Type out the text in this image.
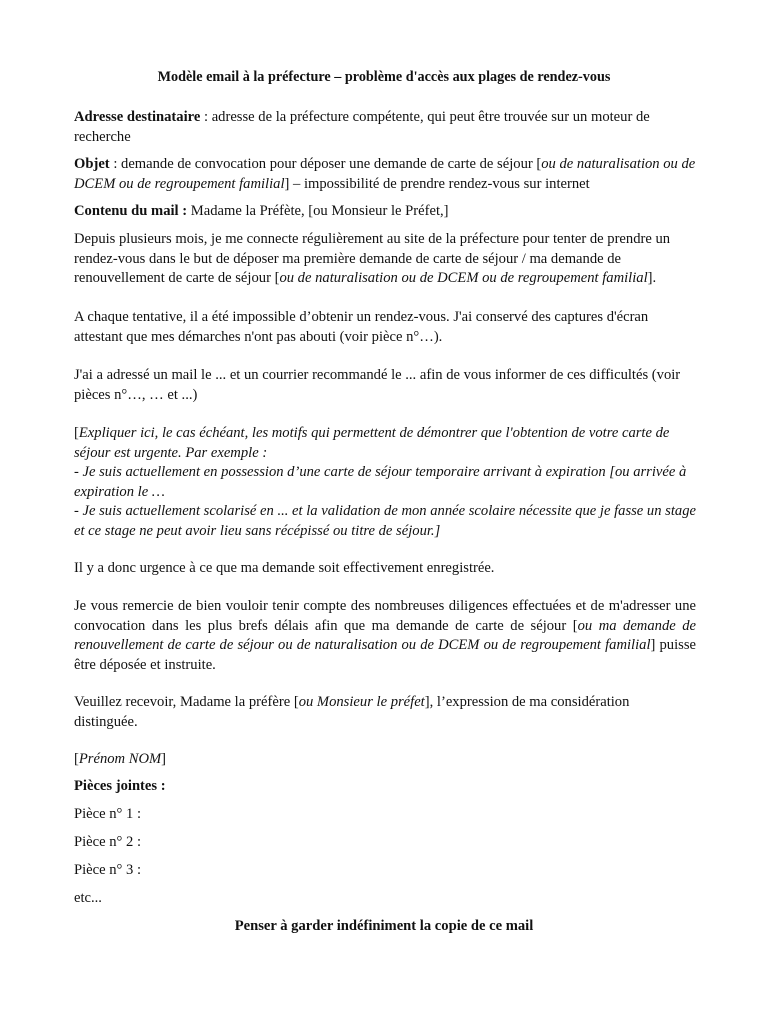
Modèle email à la préfecture – problème d'accès aux plages de rendez-vous

Adresse destinataire : adresse de la préfecture compétente, qui peut être trouvée sur un moteur de recherche

Objet : demande de convocation pour déposer une demande de carte de séjour [ou de naturalisation ou de DCEM ou de regroupement familial] – impossibilité de prendre rendez-vous sur internet

Contenu du mail : Madame la Préfète, [ou Monsieur le Préfet,]

Depuis plusieurs mois, je me connecte régulièrement au site de la préfecture pour tenter de prendre un rendez-vous dans le but de déposer ma première demande de carte de séjour / ma demande de renouvellement de carte de séjour [ou de naturalisation ou de DCEM ou de regroupement familial].

A chaque tentative, il a été impossible d’obtenir un rendez-vous. J'ai conservé des captures d'écran attestant que mes démarches n'ont pas abouti (voir pièce n°…).

J'ai a adressé un mail le ... et un courrier recommandé le ... afin de vous informer de ces difficultés (voir pièces n°…, … et ...)

[Expliquer ici, le cas échéant, les motifs qui permettent de démontrer que l'obtention de votre carte de séjour est urgente. Par exemple :
- Je suis actuellement en possession d’une carte de séjour temporaire arrivant à expiration [ou arrivée à expiration le …
- Je suis actuellement scolarisé en ... et la validation de mon année scolaire nécessite que je fasse un stage et ce stage ne peut avoir lieu sans récépissé ou titre de séjour.]

Il y a donc urgence à ce que ma demande soit effectivement enregistrée.

Je vous remercie de bien vouloir tenir compte des nombreuses diligences effectuées et de m'adresser une convocation dans les plus brefs délais afin que ma demande de carte de séjour [ou ma demande de renouvellement de carte de séjour ou de naturalisation ou de DCEM ou de regroupement familial] puisse être déposée et instruite.

Veuillez recevoir, Madame la préfère [ou Monsieur le préfet], l’expression de ma considération distinguée.

[Prénom NOM]

Pièces jointes :

Pièce n° 1 :

Pièce n° 2 :

Pièce n° 3 :

etc...

Penser à garder indéfiniment la copie de ce mail
